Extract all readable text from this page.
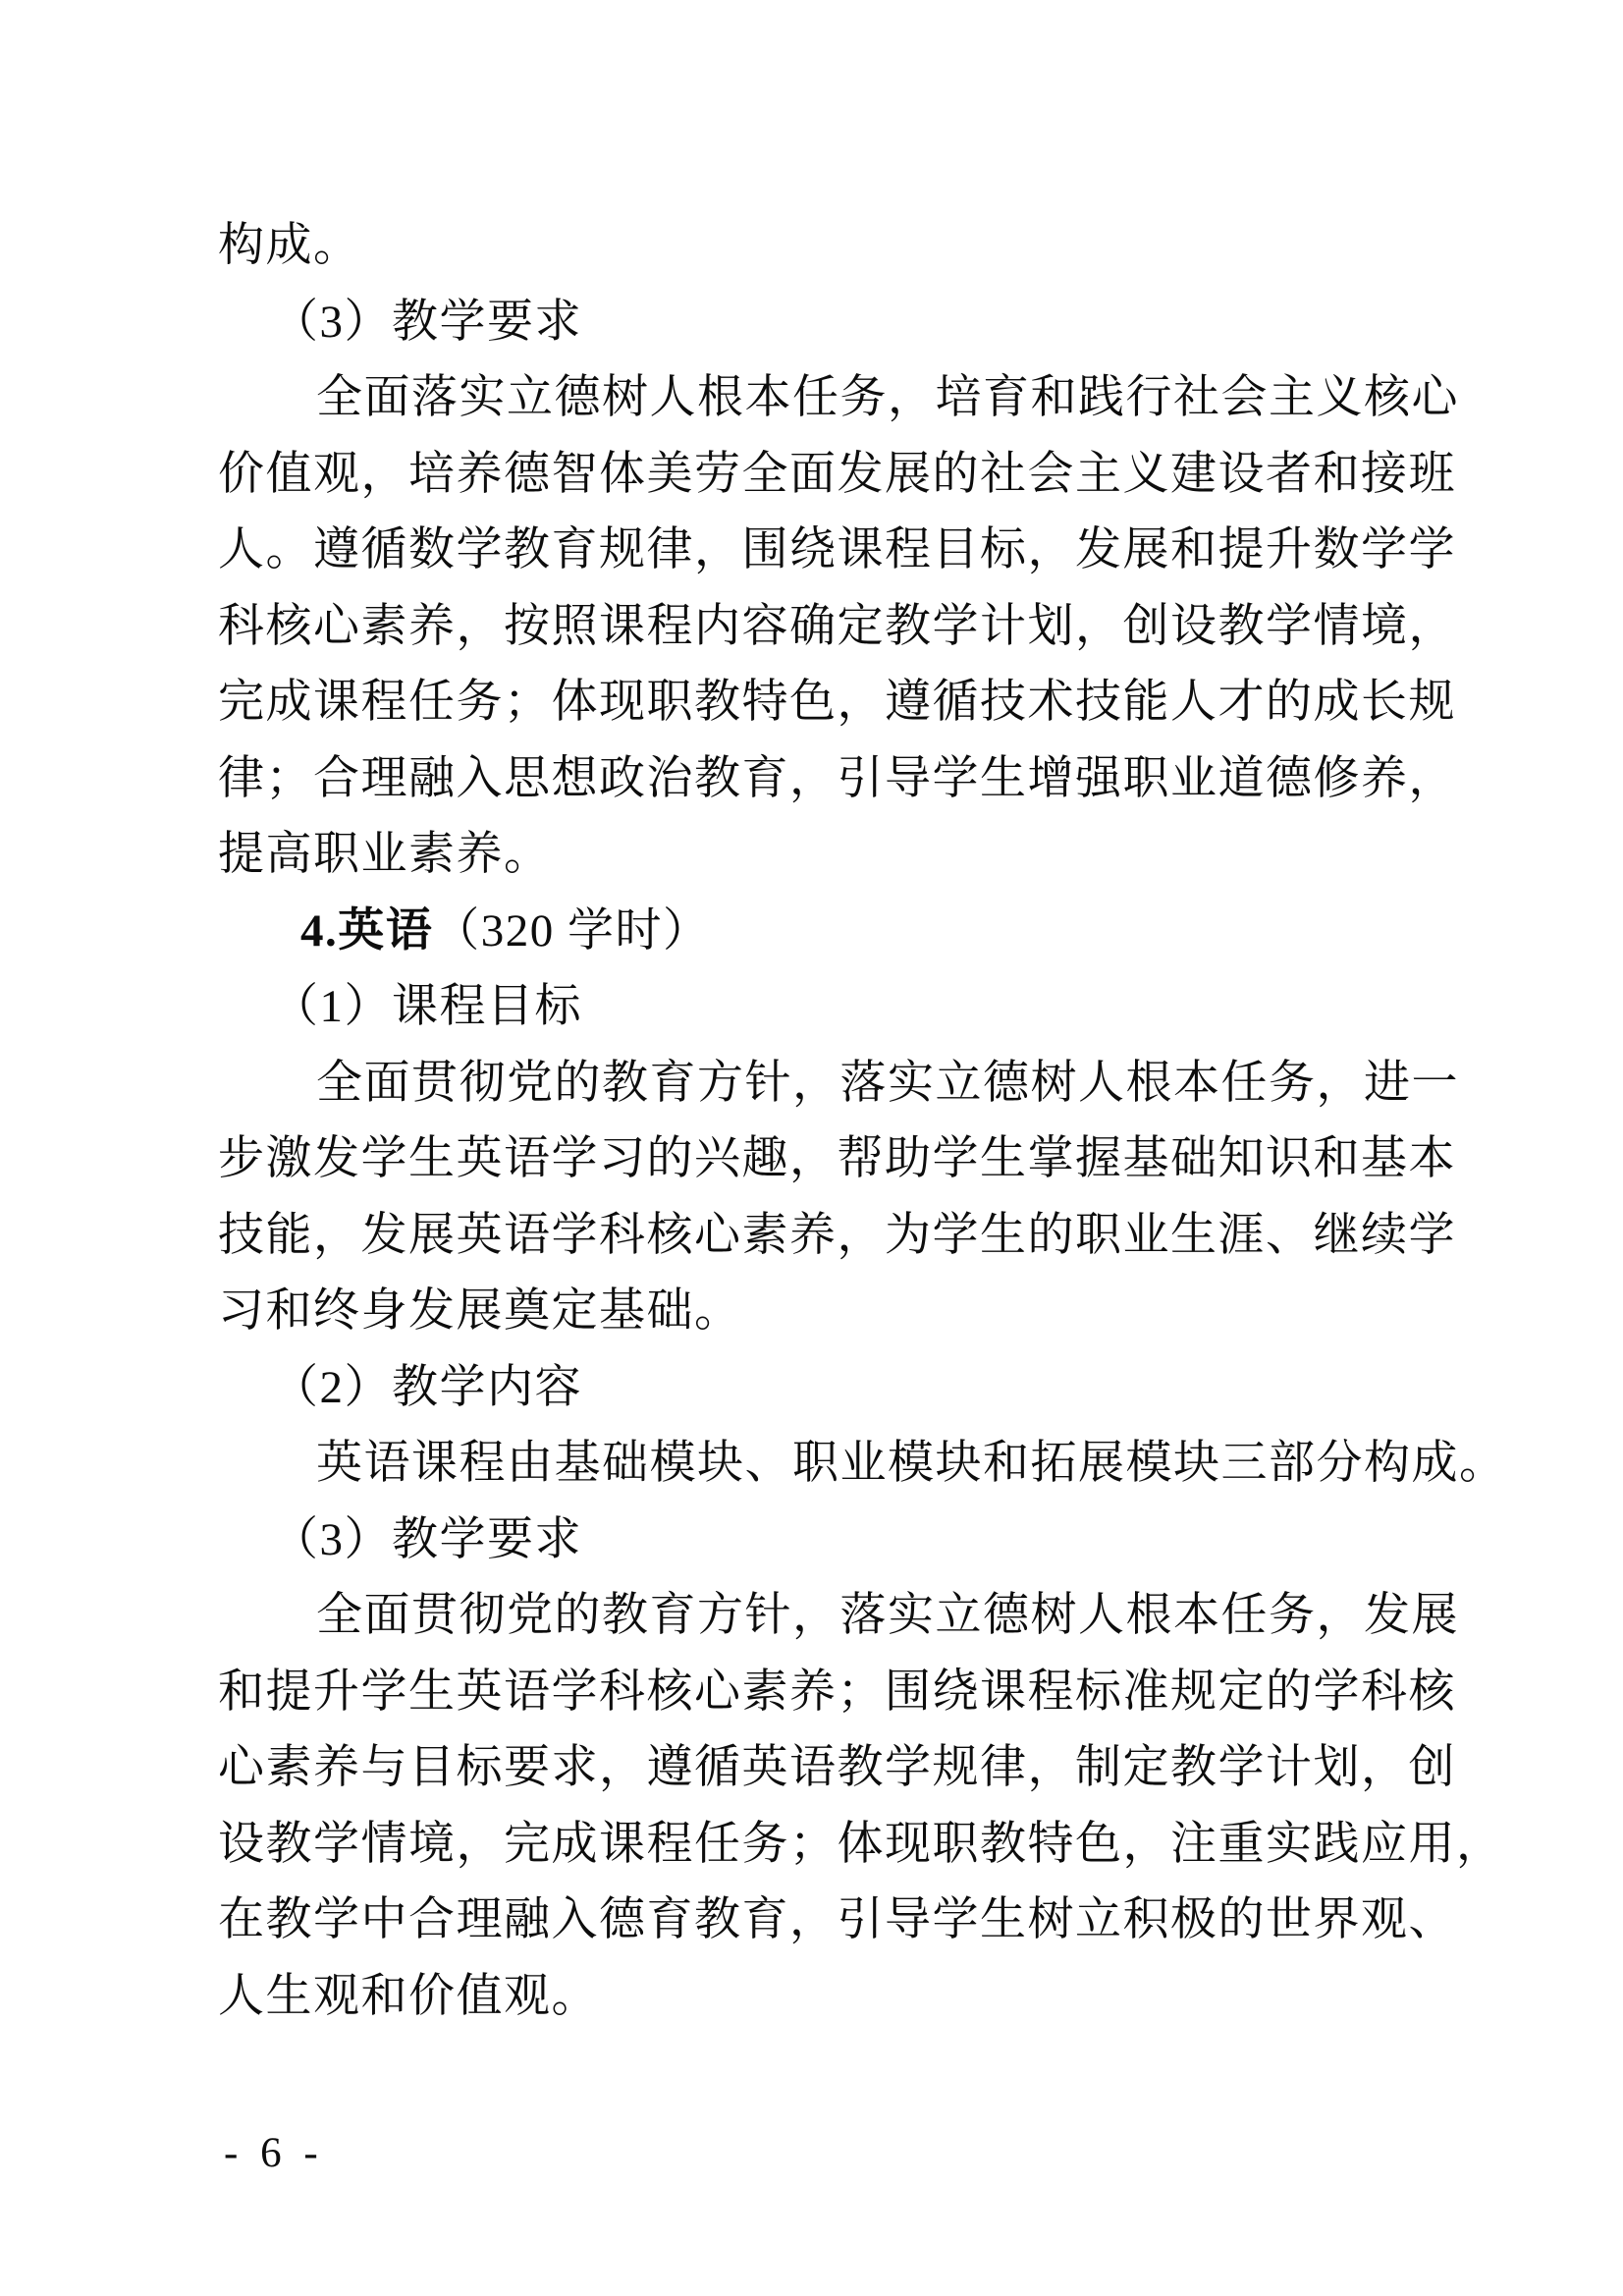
构成。
（3）教学要求
全面落实立德树人根本任务，培育和践行社会主义核心
价值观，培养德智体美劳全面发展的社会主义建设者和接班
人。遵循数学教育规律，围绕课程目标，发展和提升数学学
科核心素养，按照课程内容确定教学计划，创设教学情境，
完成课程任务；体现职教特色，遵循技术技能人才的成长规
律；合理融入思想政治教育，引导学生增强职业道德修养，
提高职业素养。
4.英语（320 学时）
（1）课程目标
全面贯彻党的教育方针，落实立德树人根本任务，进一
步激发学生英语学习的兴趣，帮助学生掌握基础知识和基本
技能，发展英语学科核心素养，为学生的职业生涯、继续学
习和终身发展奠定基础。
（2）教学内容
英语课程由基础模块、职业模块和拓展模块三部分构成。
（3）教学要求
全面贯彻党的教育方针，落实立德树人根本任务，发展
和提升学生英语学科核心素养；围绕课程标准规定的学科核
心素养与目标要求，遵循英语教学规律，制定教学计划，创
设教学情境，完成课程任务；体现职教特色，注重实践应用，
在教学中合理融入德育教育，引导学生树立积极的世界观、
人生观和价值观。
- 6 -
